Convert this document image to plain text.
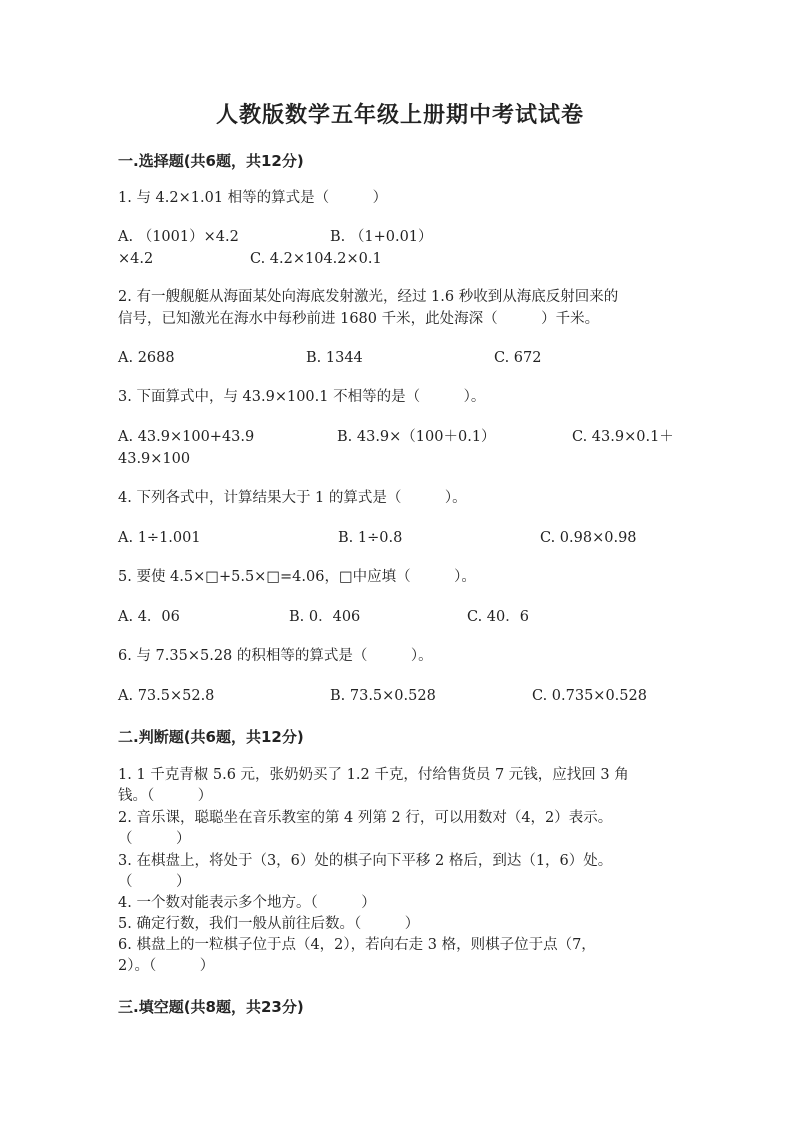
人教版数学五年级上册期中考试试卷
一.选择题(共6题，共12分)
1. 与 4.2×1.01 相等的算式是（　　　）
A. （1001）×4.2	B. （1+0.01）
×4.2	C. 4.2×104.2×0.1
2. 有一艘舰艇从海面某处向海底发射激光，经过 1.6 秒收到从海底反射回来的
信号，已知激光在海水中每秒前进 1680 千米，此处海深（　　　）千米。
A. 2688	B. 1344	C. 672
3. 下面算式中，与 43.9×100.1 不相等的是（　　　）。
A. 43.9×100+43.9	B. 43.9×（100＋0.1）	C. 43.9×0.1＋
43.9×100
4. 下列各式中，计算结果大于 1 的算式是（　　　）。
A. 1÷1.001	B. 1÷0.8	C. 0.98×0.98
5. 要使 4.5×□+5.5×□=4.06，□中应填（　　　）。
A. 4．06	B. 0．406	C. 40．6
6. 与 7.35×5.28 的积相等的算式是（　　　）。
A. 73.5×52.8	B. 73.5×0.528	C. 0.735×0.528
二.判断题(共6题，共12分)
1. 1 千克青椒 5.6 元，张奶奶买了 1.2 千克，付给售货员 7 元钱，应找回 3 角
钱。（　　　）
2. 音乐课，聪聪坐在音乐教室的第 4 列第 2 行，可以用数对（4，2）表示。
（　　　）
3. 在棋盘上，将处于（3，6）处的棋子向下平移 2 格后，到达（1，6）处。
（　　　）
4. 一个数对能表示多个地方。（　　　）
5. 确定行数，我们一般从前往后数。（　　　）
6. 棋盘上的一粒棋子位于点（4，2），若向右走 3 格，则棋子位于点（7，
2）。（　　　）
三.填空题(共8题，共23分)
